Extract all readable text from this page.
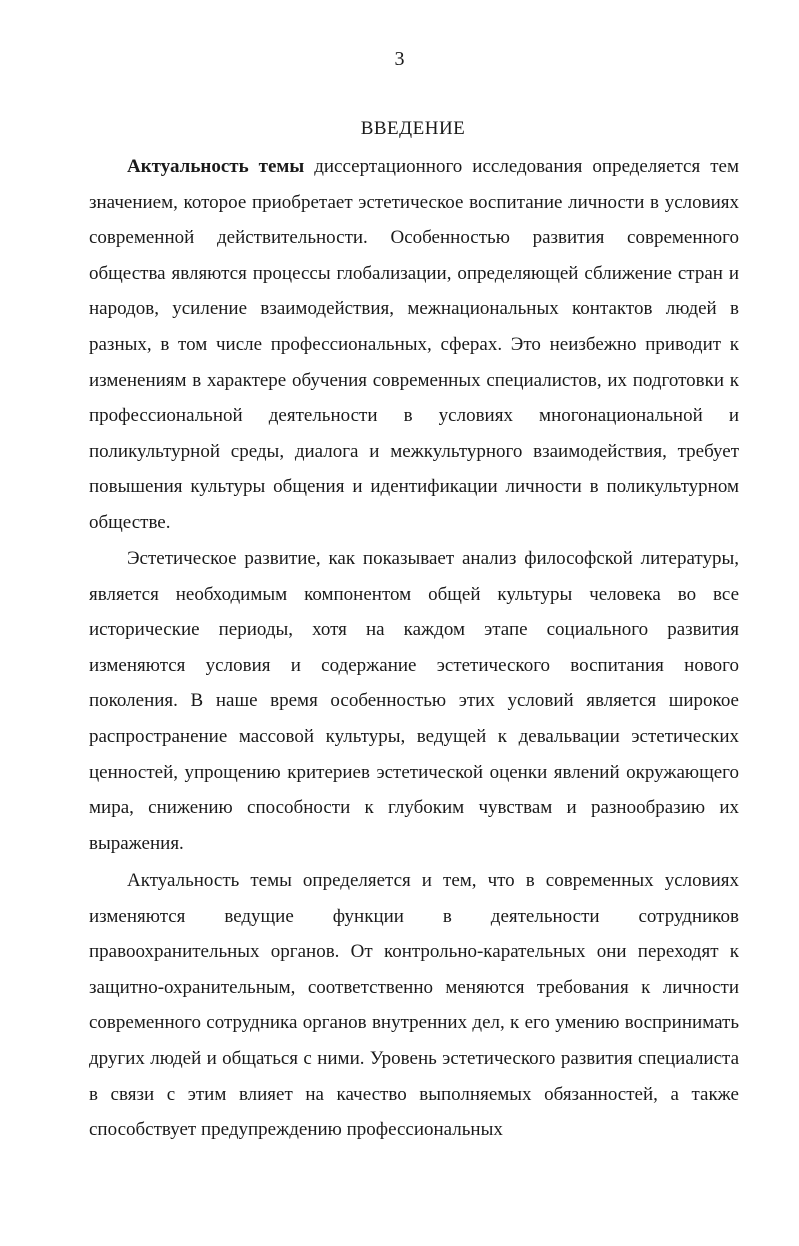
3
ВВЕДЕНИЕ

Актуальность темы диссертационного исследования определяется тем значением, которое приобретает эстетическое воспитание личности в условиях современной действительности. Особенностью развития современного общества являются процессы глобализации, определяющей сближение стран и народов, усиление взаимодействия, межнациональных контактов людей в разных, в том числе профессиональных, сферах. Это неизбежно приводит к изменениям в характере обучения современных специалистов, их подготовки к профессиональной деятельности в условиях многонациональной и поликультурной среды, диалога и межкультурного взаимодействия, требует повышения культуры общения и идентификации личности в поликультурном обществе.

Эстетическое развитие, как показывает анализ философской литературы, является необходимым компонентом общей культуры человека во все исторические периоды, хотя на каждом этапе социального развития изменяются условия и содержание эстетического воспитания нового поколения. В наше время особенностью этих условий является широкое распространение массовой культуры, ведущей к девальвации эстетических ценностей, упрощению критериев эстетической оценки явлений окружающего мира, снижению способности к глубоким чувствам и разнообразию их выражения.

Актуальность темы определяется и тем, что в современных условиях изменяются ведущие функции в деятельности сотрудников правоохранительных органов. От контрольно-карательных они переходят к защитно-охранительным, соответственно меняются требования к личности современного сотрудника органов внутренних дел, к его умению воспринимать других людей и общаться с ними. Уровень эстетического развития специалиста в связи с этим влияет на качество выполняемых обязанностей, а также способствует предупреждению профессиональных
